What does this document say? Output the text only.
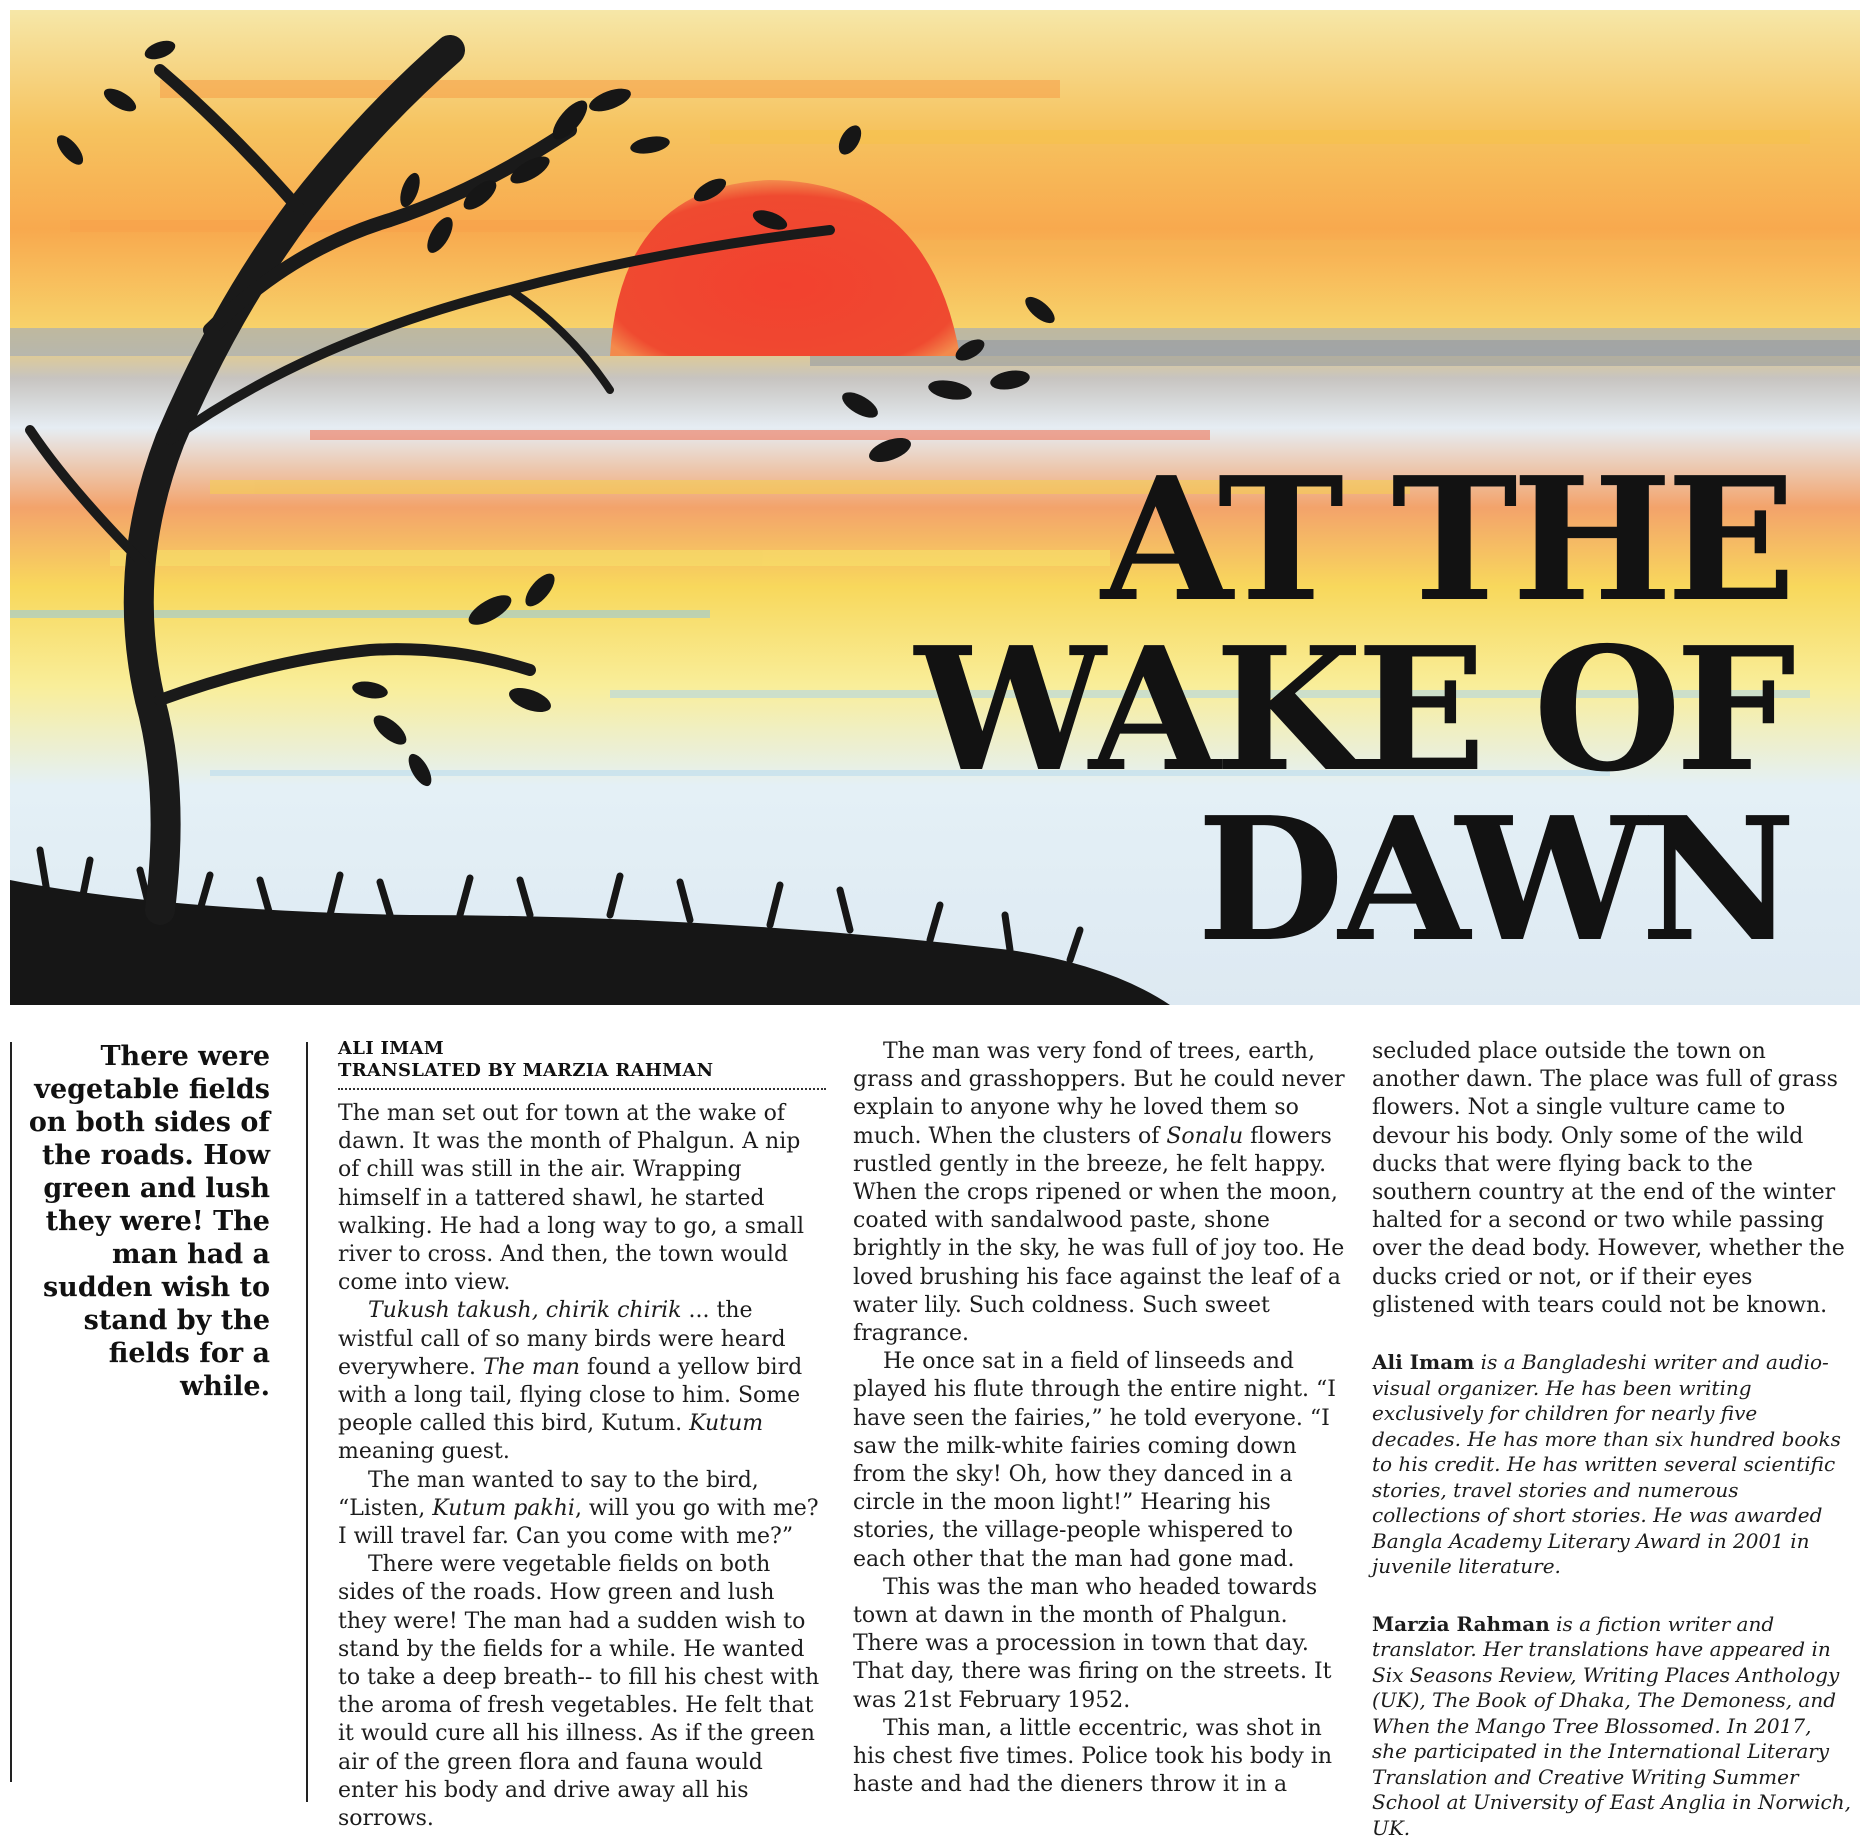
AT THE
WAKE OF
DAWN
There were vegetable fields on both sides of the roads. How green and lush they were! The man had a sudden wish to stand by the fields for a while.
ALI IMAM
TRANSLATED BY MARZIA RAHMAN

The man set out for town at the wake of dawn. It was the month of Phalgun. A nip of chill was still in the air. Wrapping himself in a tattered shawl, he started walking. He had a long way to go, a small river to cross. And then, the town would come into view.

Tukush takush, chirik chirik ... the wistful call of so many birds were heard everywhere. The man found a yellow bird with a long tail, flying close to him. Some people called this bird, Kutum. Kutum meaning guest.

The man wanted to say to the bird, “Listen, Kutum pakhi, will you go with me? I will travel far. Can you come with me?”

There were vegetable fields on both sides of the roads. How green and lush they were! The man had a sudden wish to stand by the fields for a while. He wanted to take a deep breath-- to fill his chest with the aroma of fresh vegetables. He felt that it would cure all his illness. As if the green air of the green flora and fauna would enter his body and drive away all his sorrows.

The man was very fond of trees, earth, grass and grasshoppers. But he could never explain to anyone why he loved them so much. When the clusters of Sonalu flowers rustled gently in the breeze, he felt happy. When the crops ripened or when the moon, coated with sandalwood paste, shone brightly in the sky, he was full of joy too. He loved brushing his face against the leaf of a water lily. Such coldness. Such sweet fragrance.

He once sat in a field of linseeds and played his flute through the entire night. “I have seen the fairies,” he told everyone. “I saw the milk-white fairies coming down from the sky! Oh, how they danced in a circle in the moon light!” Hearing his stories, the village-people whispered to each other that the man had gone mad.

This was the man who headed towards town at dawn in the month of Phalgun. There was a procession in town that day. That day, there was firing on the streets. It was 21st February 1952.

This man, a little eccentric, was shot in his chest five times. Police took his body in haste and had the dieners throw it in a

secluded place outside the town on another dawn. The place was full of grass flowers. Not a single vulture came to devour his body. Only some of the wild ducks that were flying back to the southern country at the end of the winter halted for a second or two while passing over the dead body. However, whether the ducks cried or not, or if their eyes glistened with tears could not be known.

Ali Imam is a Bangladeshi writer and audio-visual organizer. He has been writing exclusively for children for nearly five decades. He has more than six hundred books to his credit. He has written several scientific stories, travel stories and numerous collections of short stories. He was awarded Bangla Academy Literary Award in 2001 in juvenile literature.
Marzia Rahman is a fiction writer and translator. Her translations have appeared in Six Seasons Review, Writing Places Anthology (UK), The Book of Dhaka, The Demoness, and When the Mango Tree Blossomed. In 2017, she participated in the International Literary Translation and Creative Writing Summer School at University of East Anglia in Norwich, UK.
